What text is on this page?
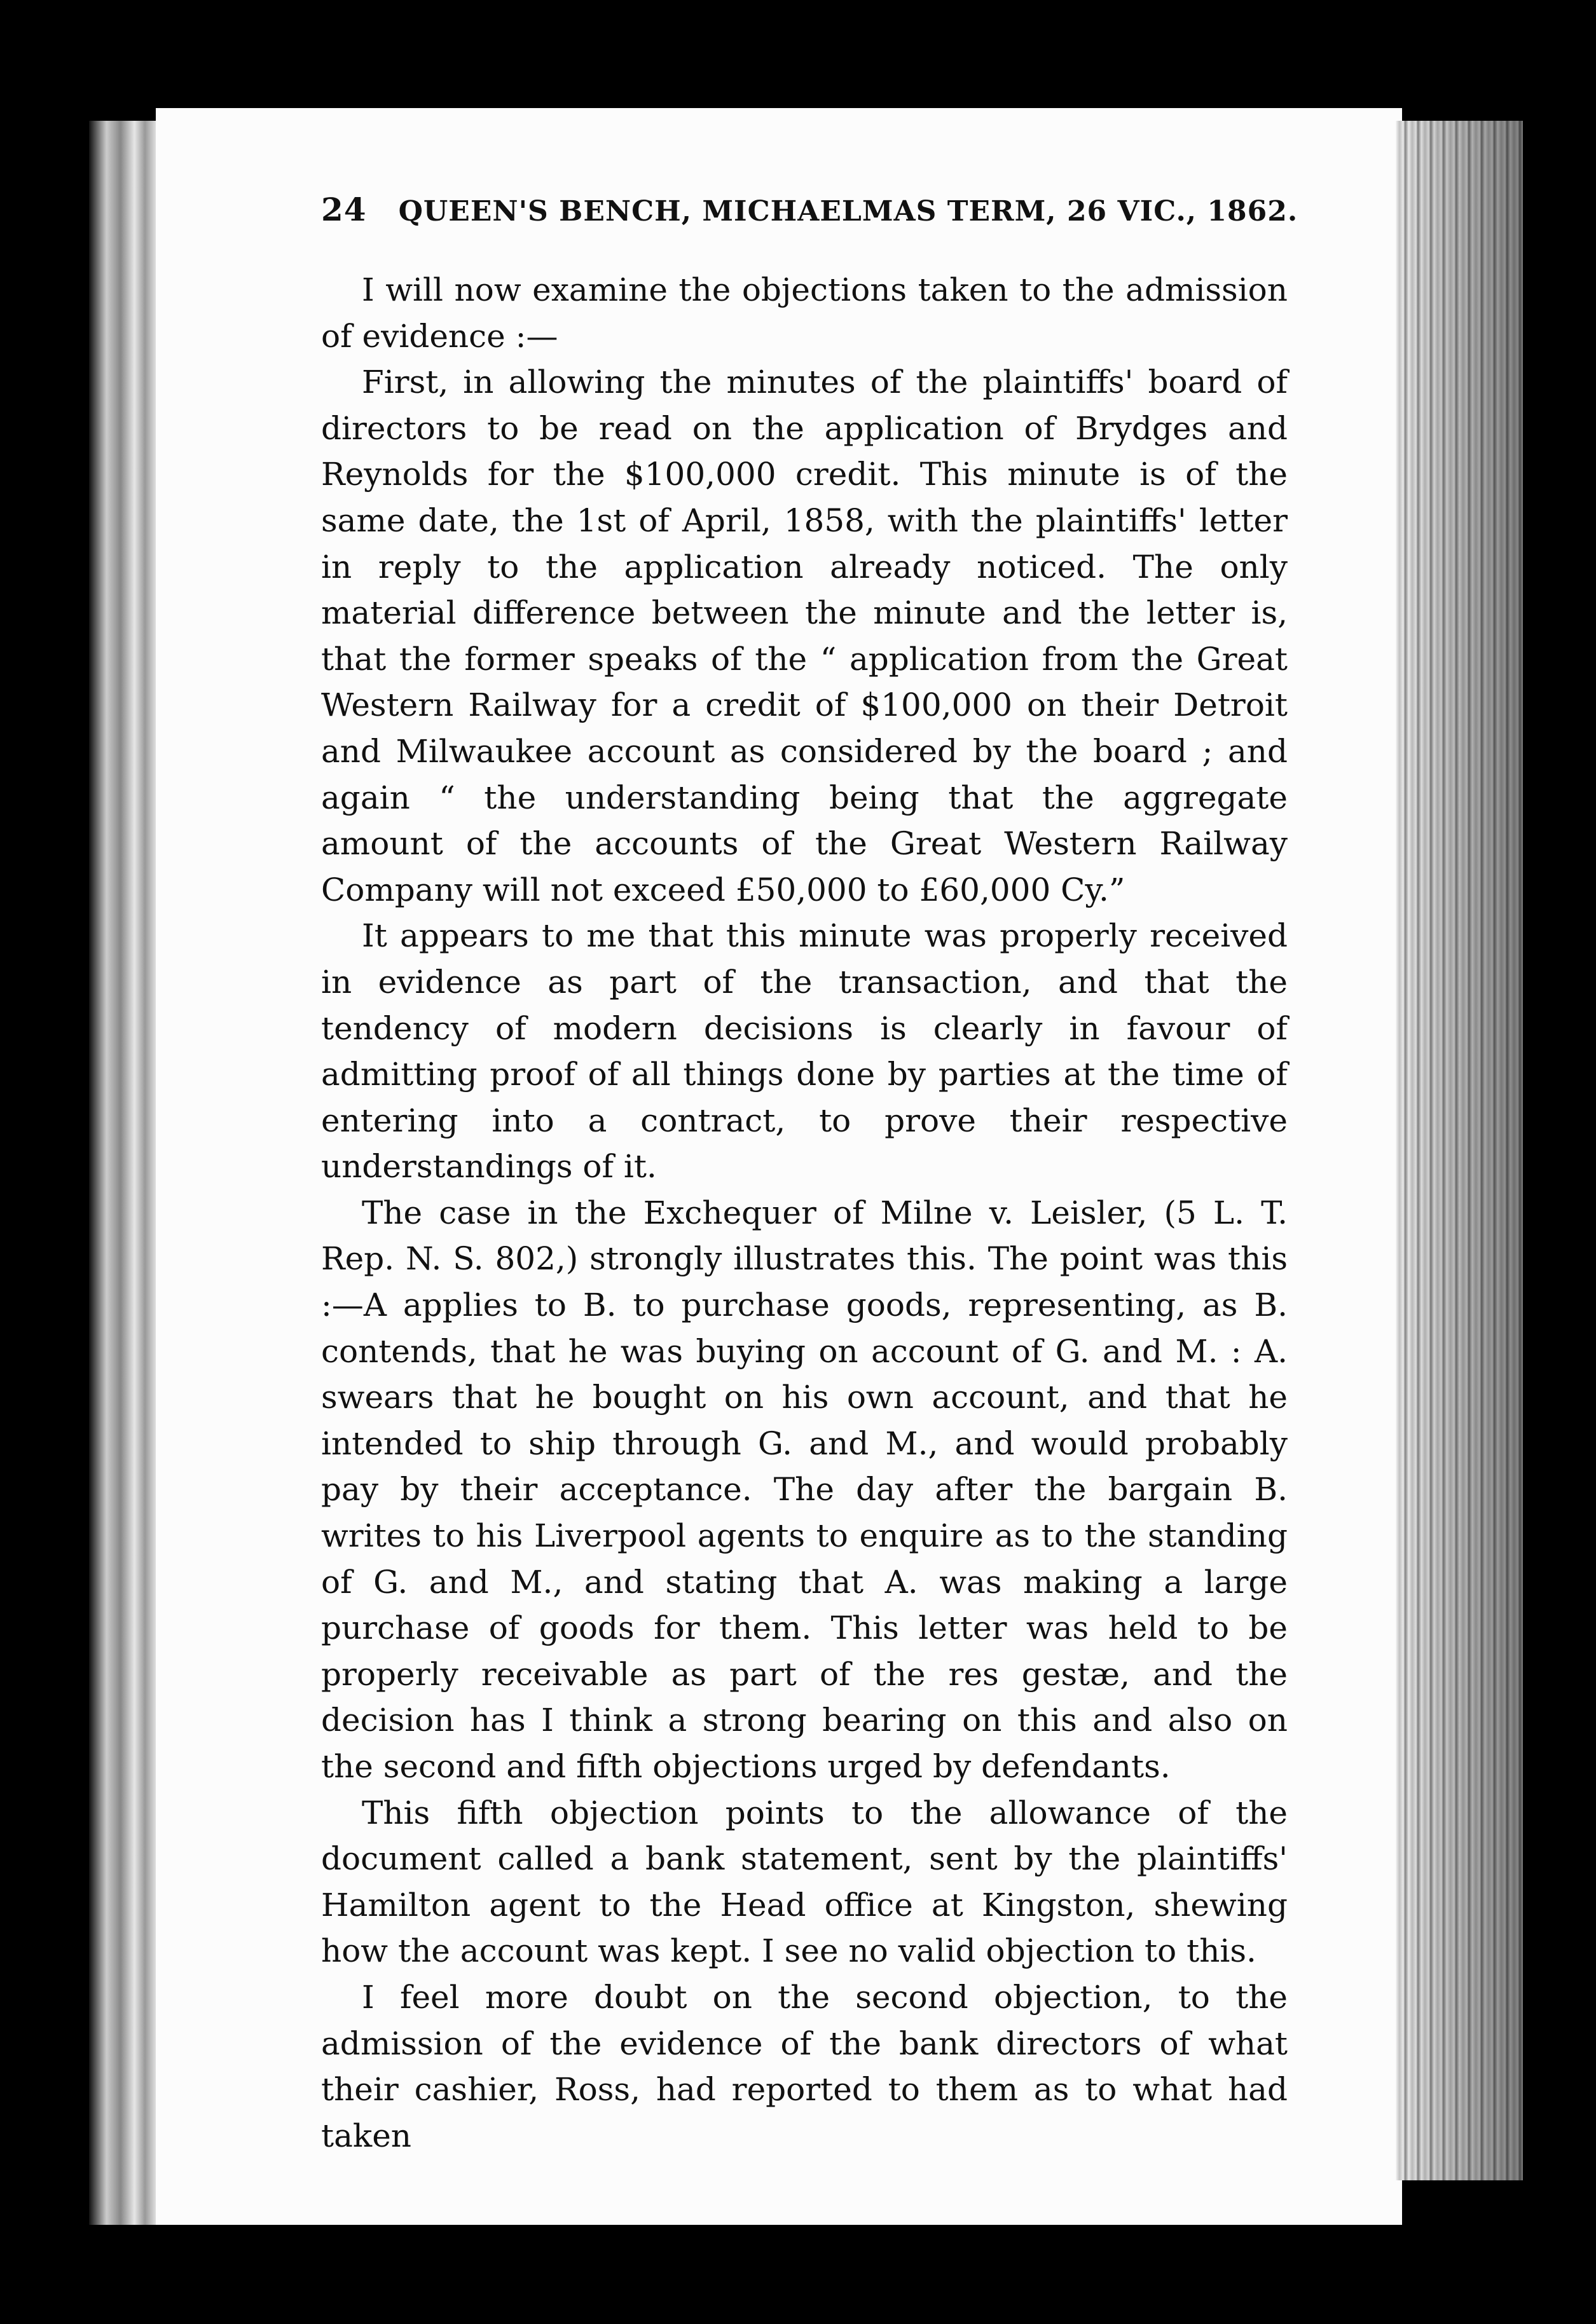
24 QUEEN'S BENCH, MICHAELMAS TERM, 26 VIC., 1862.

I will now examine the objections taken to the admission of evidence :—

First, in allowing the minutes of the plaintiffs' board of directors to be read on the application of Brydges and Reynolds for the $100,000 credit. This minute is of the same date, the 1st of April, 1858, with the plaintiffs' letter in reply to the application already noticed. The only material difference between the minute and the letter is, that the former speaks of the “ application from the Great Western Railway for a credit of $100,000 on their Detroit and Milwaukee account as considered by the board ; and again “ the understanding being that the aggregate amount of the accounts of the Great Western Railway Company will not exceed £50,000 to £60,000 Cy.”

It appears to me that this minute was properly received in evidence as part of the transaction, and that the tendency of modern decisions is clearly in favour of admitting proof of all things done by parties at the time of entering into a contract, to prove their respective understandings of it.

The case in the Exchequer of Milne v. Leisler, (5 L. T. Rep. N. S. 802,) strongly illustrates this. The point was this :—A applies to B. to purchase goods, representing, as B. contends, that he was buying on account of G. and M. : A. swears that he bought on his own account, and that he intended to ship through G. and M., and would probably pay by their acceptance. The day after the bargain B. writes to his Liverpool agents to enquire as to the standing of G. and M., and stating that A. was making a large purchase of goods for them. This letter was held to be properly receivable as part of the res gestæ, and the decision has I think a strong bearing on this and also on the second and fifth objections urged by defendants.

This fifth objection points to the allowance of the document called a bank statement, sent by the plaintiffs' Hamilton agent to the Head office at Kingston, shewing how the account was kept. I see no valid objection to this.

I feel more doubt on the second objection, to the admission of the evidence of the bank directors of what their cashier, Ross, had reported to them as to what had taken
